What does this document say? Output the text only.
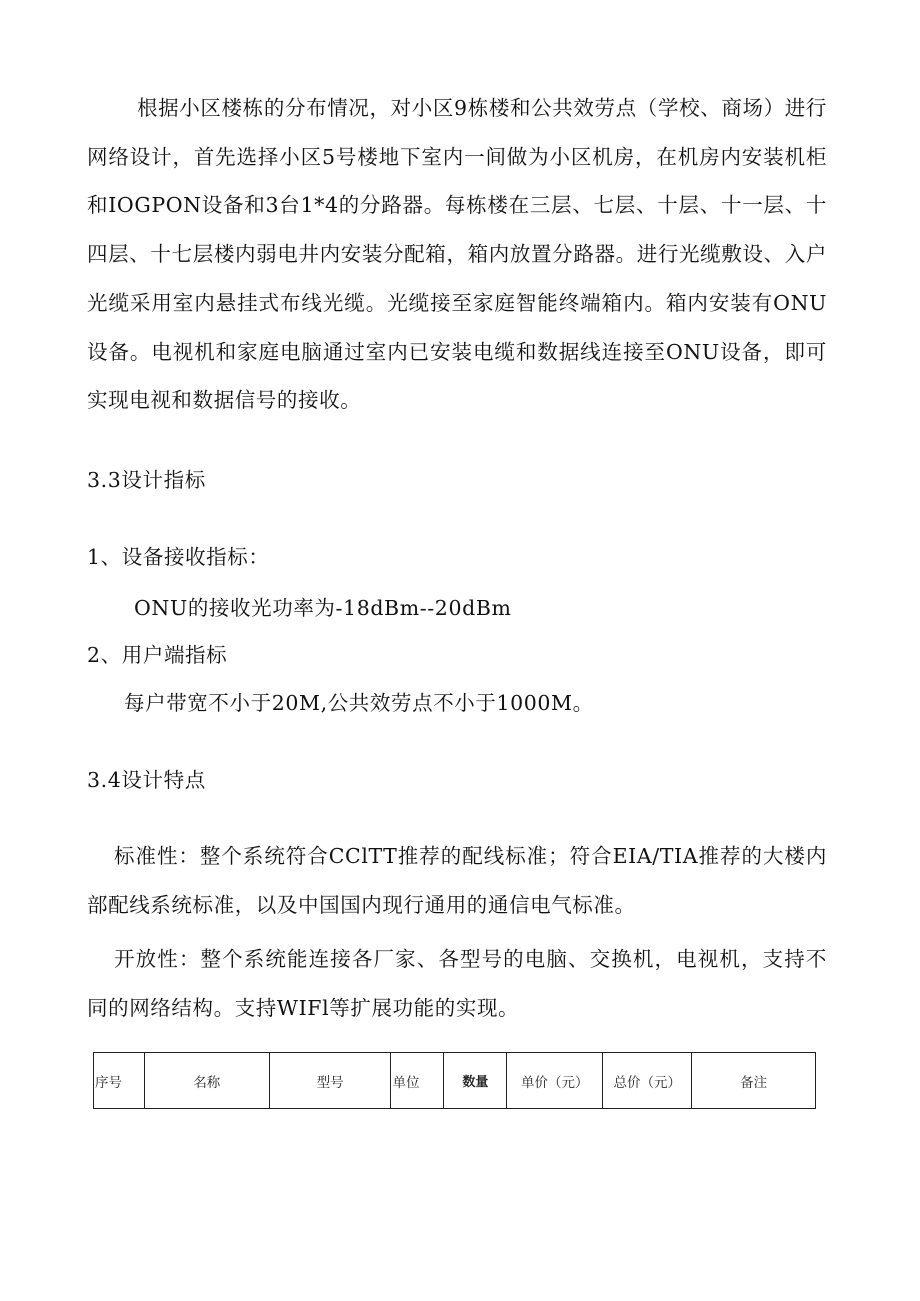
根据小区楼栋的分布情况，对小区9栋楼和公共效劳点（学校、商场）进行网络设计，首先选择小区5号楼地下室内一间做为小区机房，在机房内安装机柜和IOGPON设备和3台1*4的分路器。每栋楼在三层、七层、十层、十一层、十四层、十七层楼内弱电井内安装分配箱，箱内放置分路器。进行光缆敷设、入户光缆采用室内悬挂式布线光缆。光缆接至家庭智能终端箱内。箱内安装有ONU设备。电视机和家庭电脑通过室内已安装电缆和数据线连接至ONU设备，即可实现电视和数据信号的接收。

3.3设计指标

1、设备接收指标：

ONU的接收光功率为-18dBm--20dBm

2、用户端指标

每户带宽不小于20M,公共效劳点不小于1000M。

3.4设计特点

标准性：整个系统符合CClTT推荐的配线标准；符合EIA/TIA推荐的大楼内部配线系统标准，以及中国国内现行通用的通信电气标准。

开放性：整个系统能连接各厂家、各型号的电脑、交换机，电视机，支持不同的网络结构。支持WIFl等扩展功能的实现。

序号	名称	型号	单位	数量	单价（元）	总价（元）	备注
